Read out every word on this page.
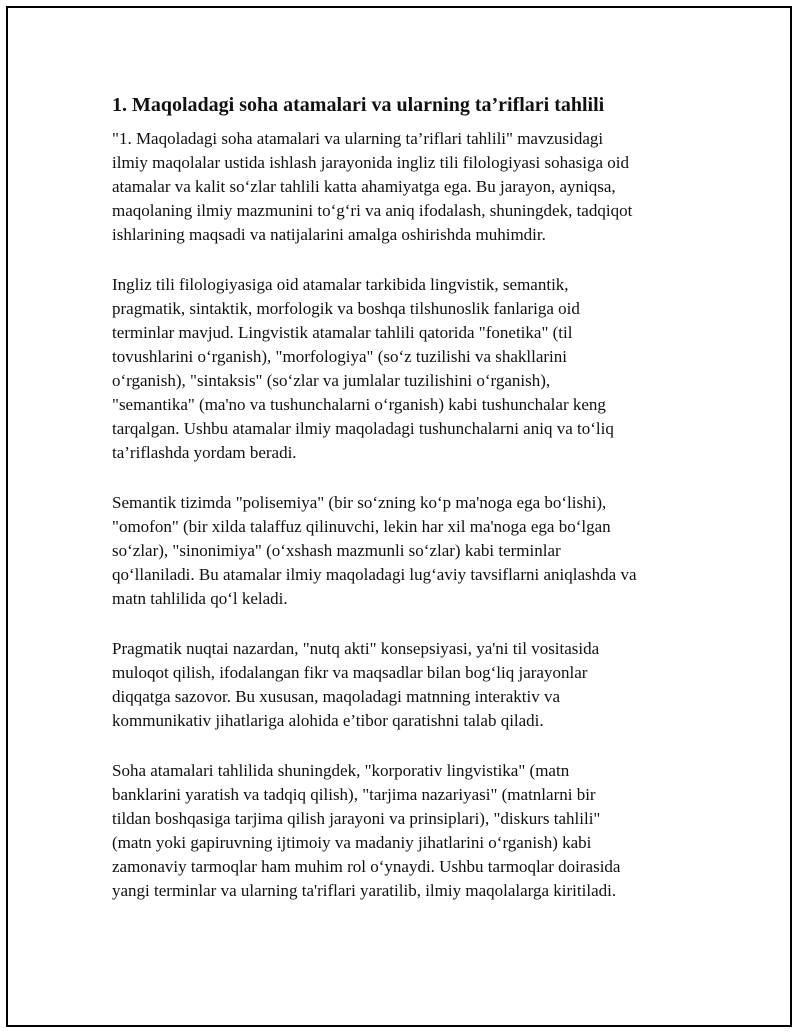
1. Maqoladagi soha atamalari va ularning ta’riflari tahlili

"1. Maqoladagi soha atamalari va ularning ta’riflari tahlili" mavzusidagi
ilmiy maqolalar ustida ishlash jarayonida ingliz tili filologiyasi sohasiga oid
atamalar va kalit so‘zlar tahlili katta ahamiyatga ega. Bu jarayon, ayniqsa,
maqolaning ilmiy mazmunini to‘g‘ri va aniq ifodalash, shuningdek, tadqiqot
ishlarining maqsadi va natijalarini amalga oshirishda muhimdir.

Ingliz tili filologiyasiga oid atamalar tarkibida lingvistik, semantik,
pragmatik, sintaktik, morfologik va boshqa tilshunoslik fanlariga oid
terminlar mavjud. Lingvistik atamalar tahlili qatorida "fonetika" (til
tovushlarini o‘rganish), "morfologiya" (so‘z tuzilishi va shakllarini
o‘rganish), "sintaksis" (so‘zlar va jumlalar tuzilishini o‘rganish),
"semantika" (ma'no va tushunchalarni o‘rganish) kabi tushunchalar keng
tarqalgan. Ushbu atamalar ilmiy maqoladagi tushunchalarni aniq va to‘liq
ta’riflashda yordam beradi.

Semantik tizimda "polisemiya" (bir so‘zning ko‘p ma'noga ega bo‘lishi),
"omofon" (bir xilda talaffuz qilinuvchi, lekin har xil ma'noga ega bo‘lgan
so‘zlar), "sinonimiya" (o‘xshash mazmunli so‘zlar) kabi terminlar
qo‘llaniladi. Bu atamalar ilmiy maqoladagi lug‘aviy tavsiflarni aniqlashda va
matn tahlilida qo‘l keladi.

Pragmatik nuqtai nazardan, "nutq akti" konsepsiyasi, ya'ni til vositasida
muloqot qilish, ifodalangan fikr va maqsadlar bilan bog‘liq jarayonlar
diqqatga sazovor. Bu xususan, maqoladagi matnning interaktiv va
kommunikativ jihatlariga alohida e’tibor qaratishni talab qiladi.

Soha atamalari tahlilida shuningdek, "korporativ lingvistika" (matn
banklarini yaratish va tadqiq qilish), "tarjima nazariyasi" (matnlarni bir
tildan boshqasiga tarjima qilish jarayoni va prinsiplari), "diskurs tahlili"
(matn yoki gapiruvning ijtimoiy va madaniy jihatlarini o‘rganish) kabi
zamonaviy tarmoqlar ham muhim rol o‘ynaydi. Ushbu tarmoqlar doirasida
yangi terminlar va ularning ta'riflari yaratilib, ilmiy maqolalarga kiritiladi.
